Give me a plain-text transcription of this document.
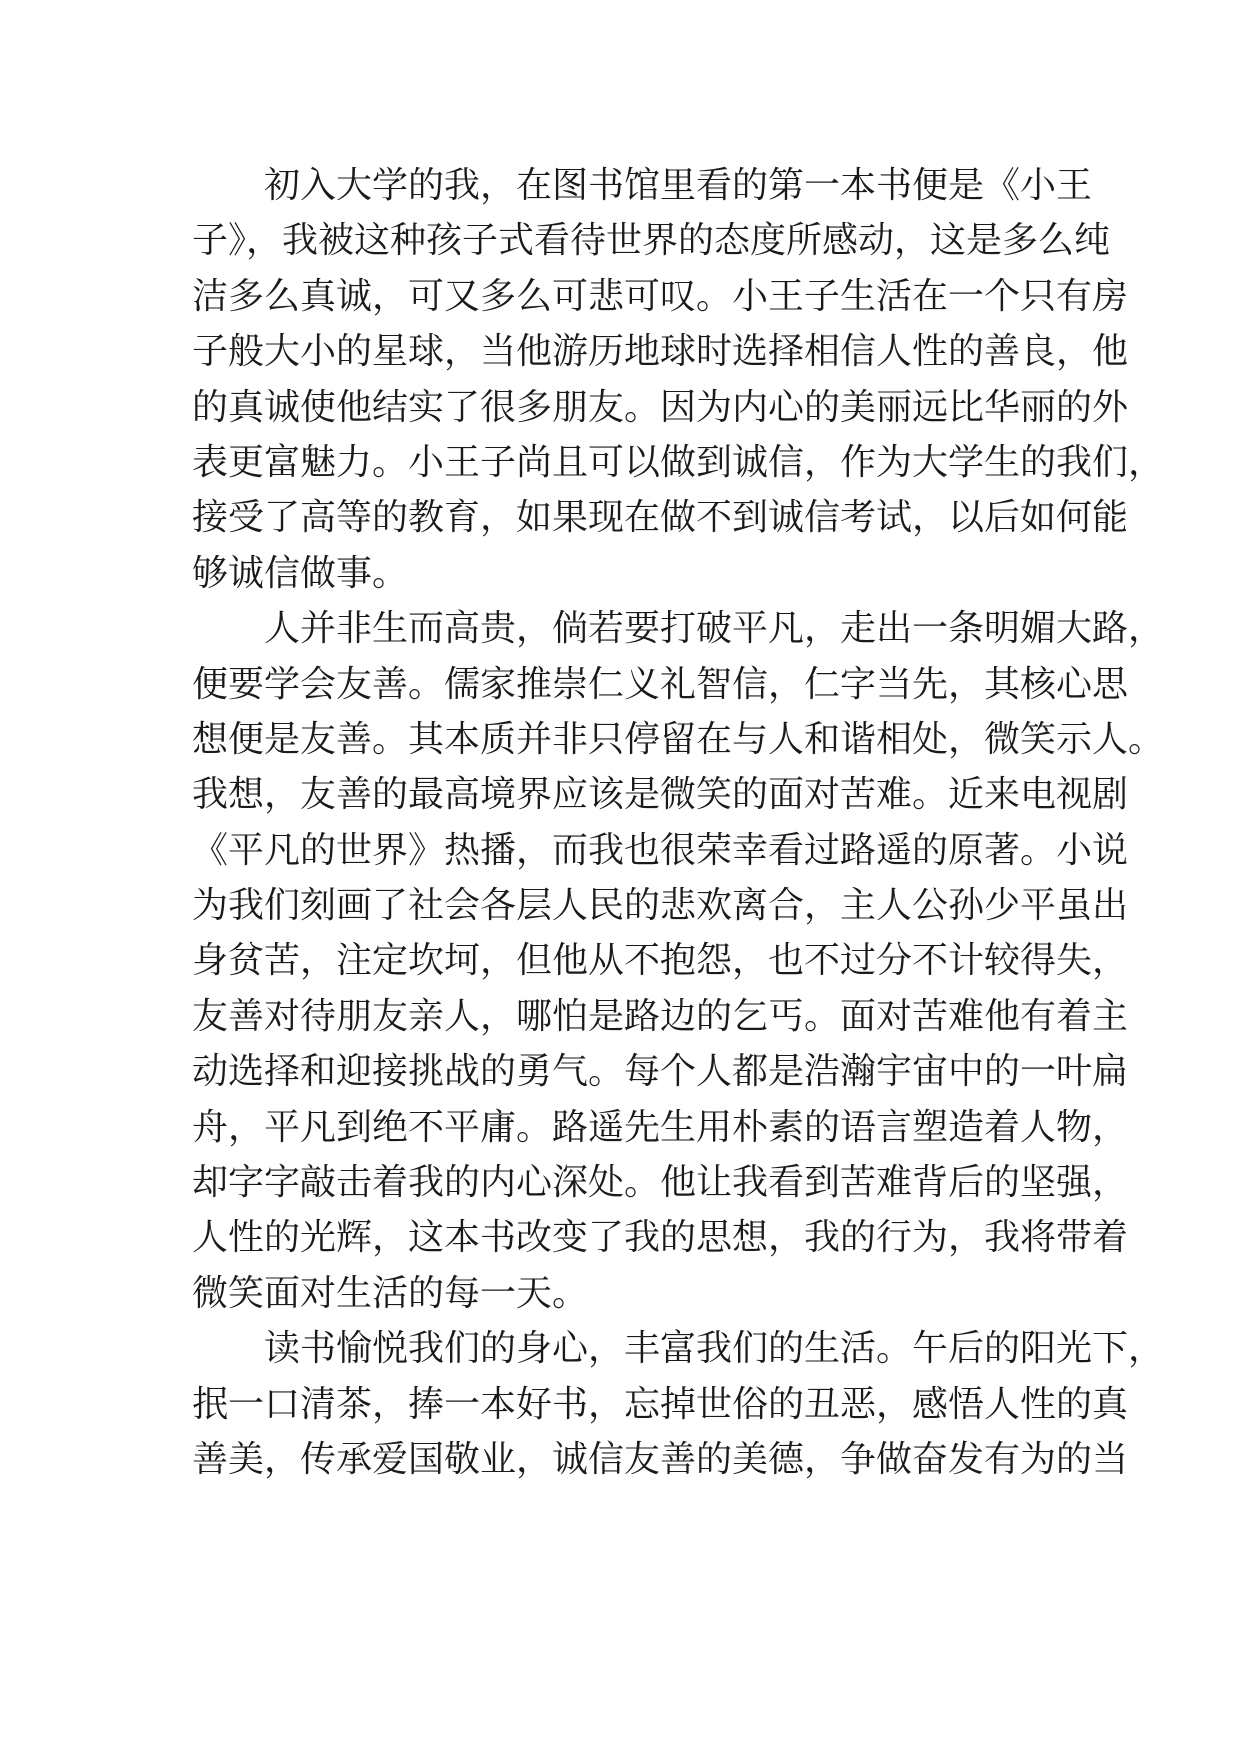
初入大学的我，在图书馆里看的第一本书便是《小王
子》，我被这种孩子式看待世界的态度所感动，这是多么纯
洁多么真诚，可又多么可悲可叹。小王子生活在一个只有房
子般大小的星球，当他游历地球时选择相信人性的善良，他
的真诚使他结实了很多朋友。因为内心的美丽远比华丽的外
表更富魅力。小王子尚且可以做到诚信，作为大学生的我们，
接受了高等的教育，如果现在做不到诚信考试，以后如何能
够诚信做事。
人并非生而高贵，倘若要打破平凡，走出一条明媚大路，
便要学会友善。儒家推崇仁义礼智信，仁字当先，其核心思
想便是友善。其本质并非只停留在与人和谐相处，微笑示人。
我想，友善的最高境界应该是微笑的面对苦难。近来电视剧
《平凡的世界》热播，而我也很荣幸看过路遥的原著。小说
为我们刻画了社会各层人民的悲欢离合，主人公孙少平虽出
身贫苦，注定坎坷，但他从不抱怨，也不过分不计较得失，
友善对待朋友亲人，哪怕是路边的乞丐。面对苦难他有着主
动选择和迎接挑战的勇气。每个人都是浩瀚宇宙中的一叶扁
舟，平凡到绝不平庸。路遥先生用朴素的语言塑造着人物，
却字字敲击着我的内心深处。他让我看到苦难背后的坚强，
人性的光辉，这本书改变了我的思想，我的行为，我将带着
微笑面对生活的每一天。
读书愉悦我们的身心，丰富我们的生活。午后的阳光下，
抿一口清茶，捧一本好书，忘掉世俗的丑恶，感悟人性的真
善美，传承爱国敬业，诚信友善的美德，争做奋发有为的当
